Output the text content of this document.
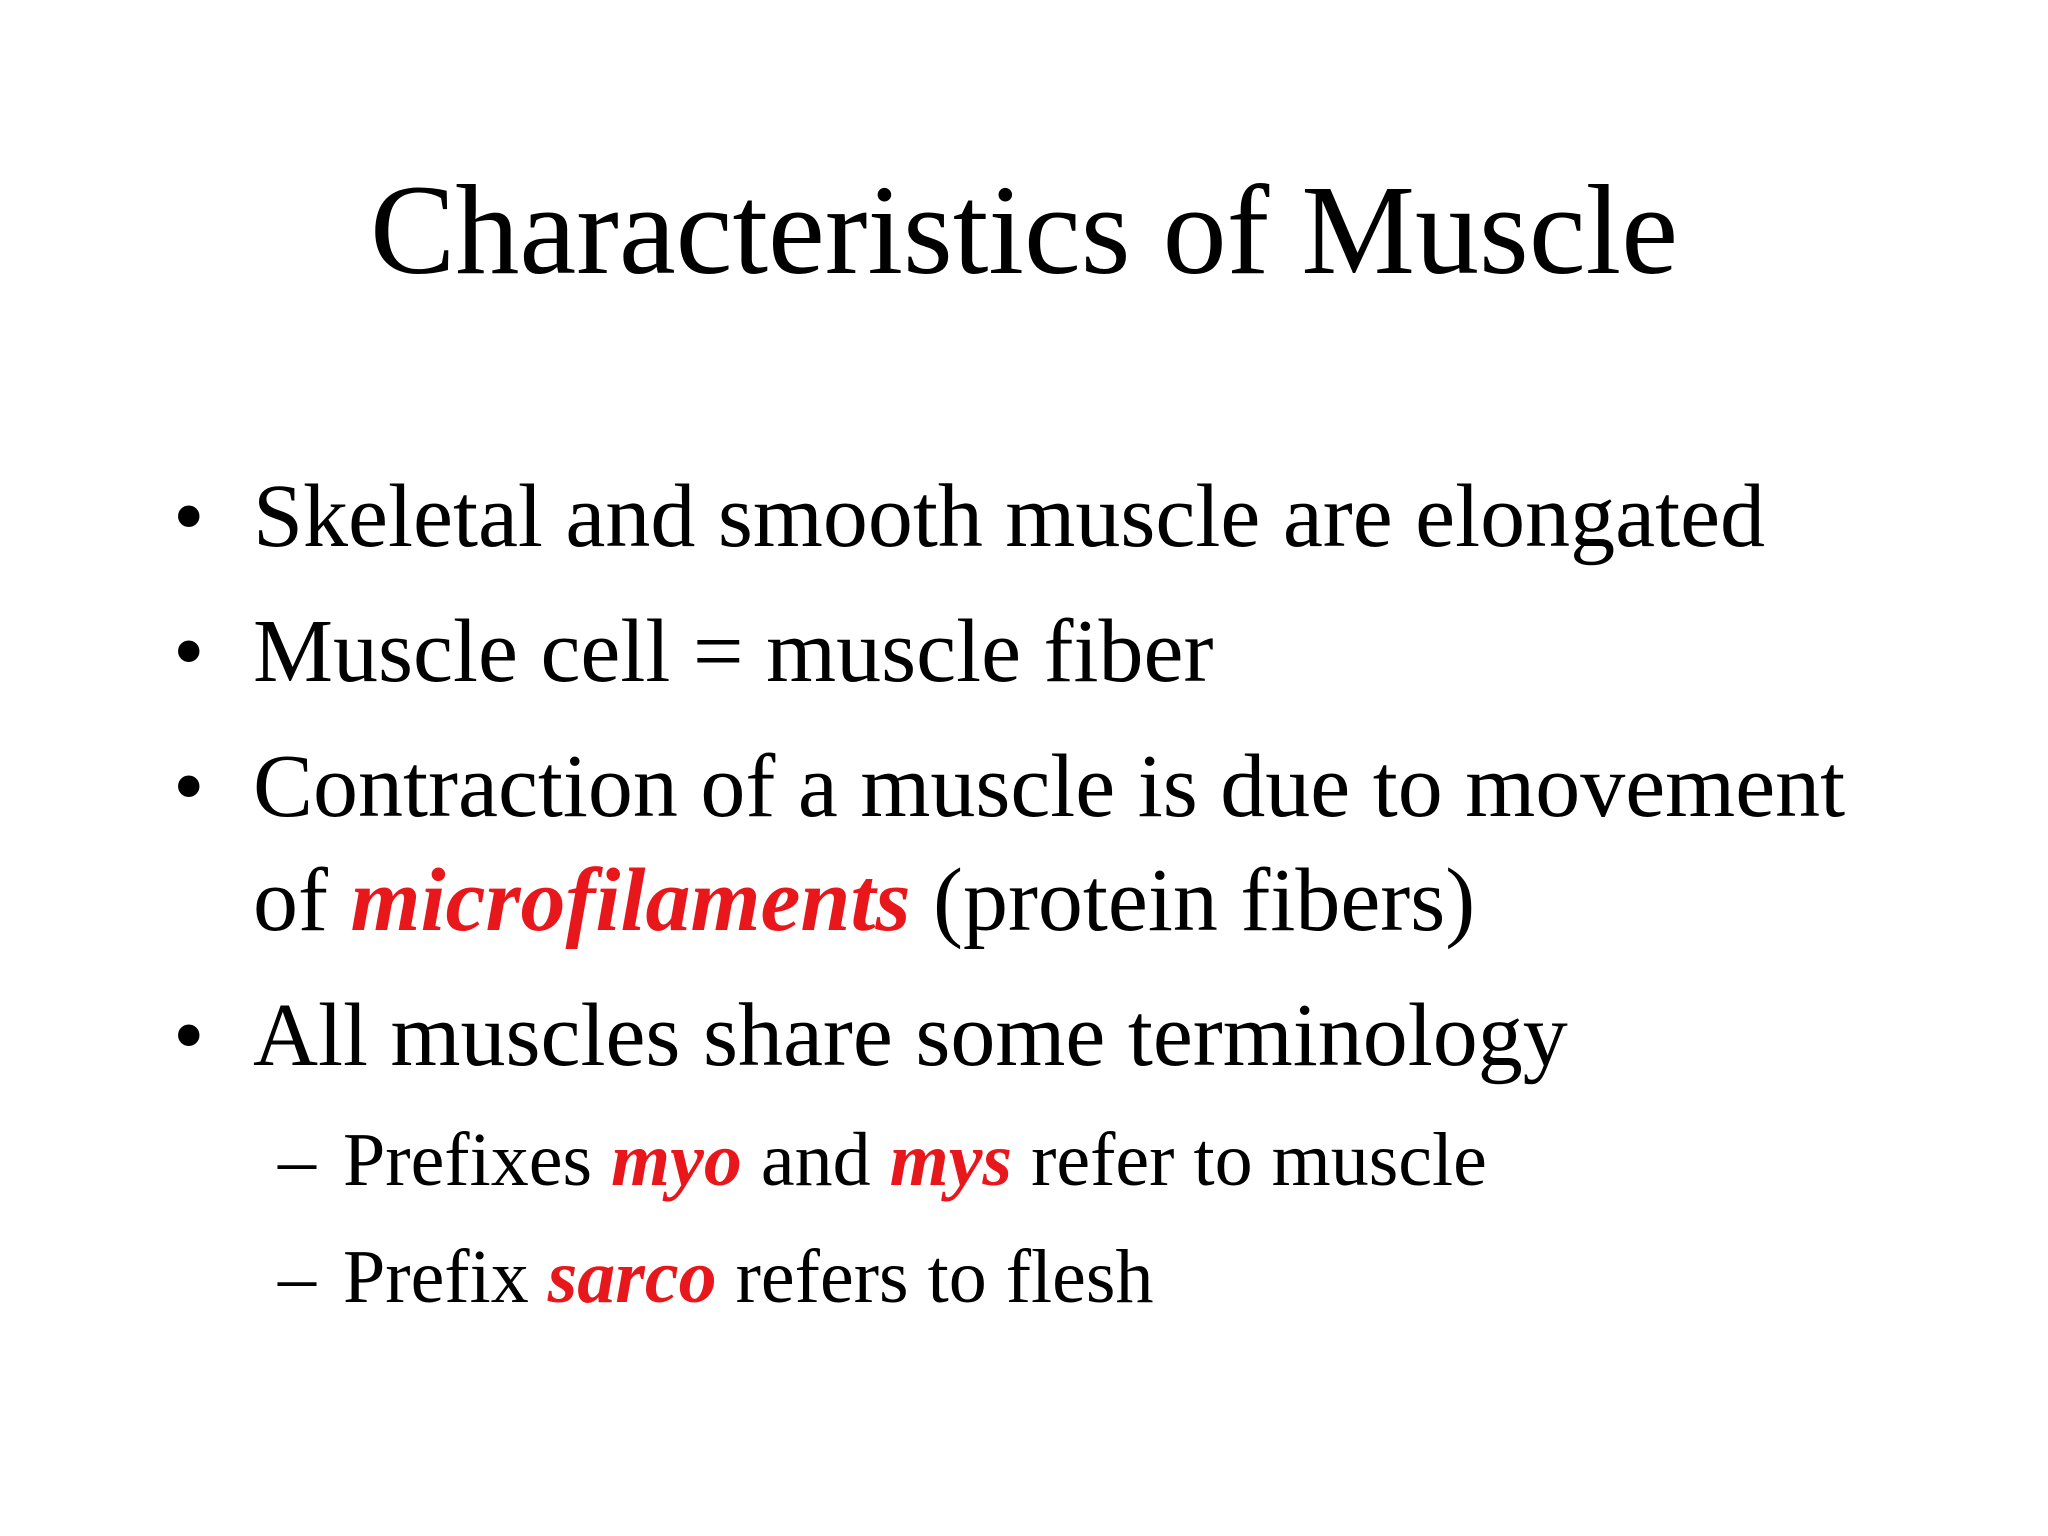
Characteristics of Muscle
• Skeletal and smooth muscle are elongated
• Muscle cell = muscle fiber
• Contraction of a muscle is due to movement
of microfilaments (protein fibers)
• All muscles share some terminology
– Prefixes myo and mys refer to muscle
– Prefix sarco refers to flesh
